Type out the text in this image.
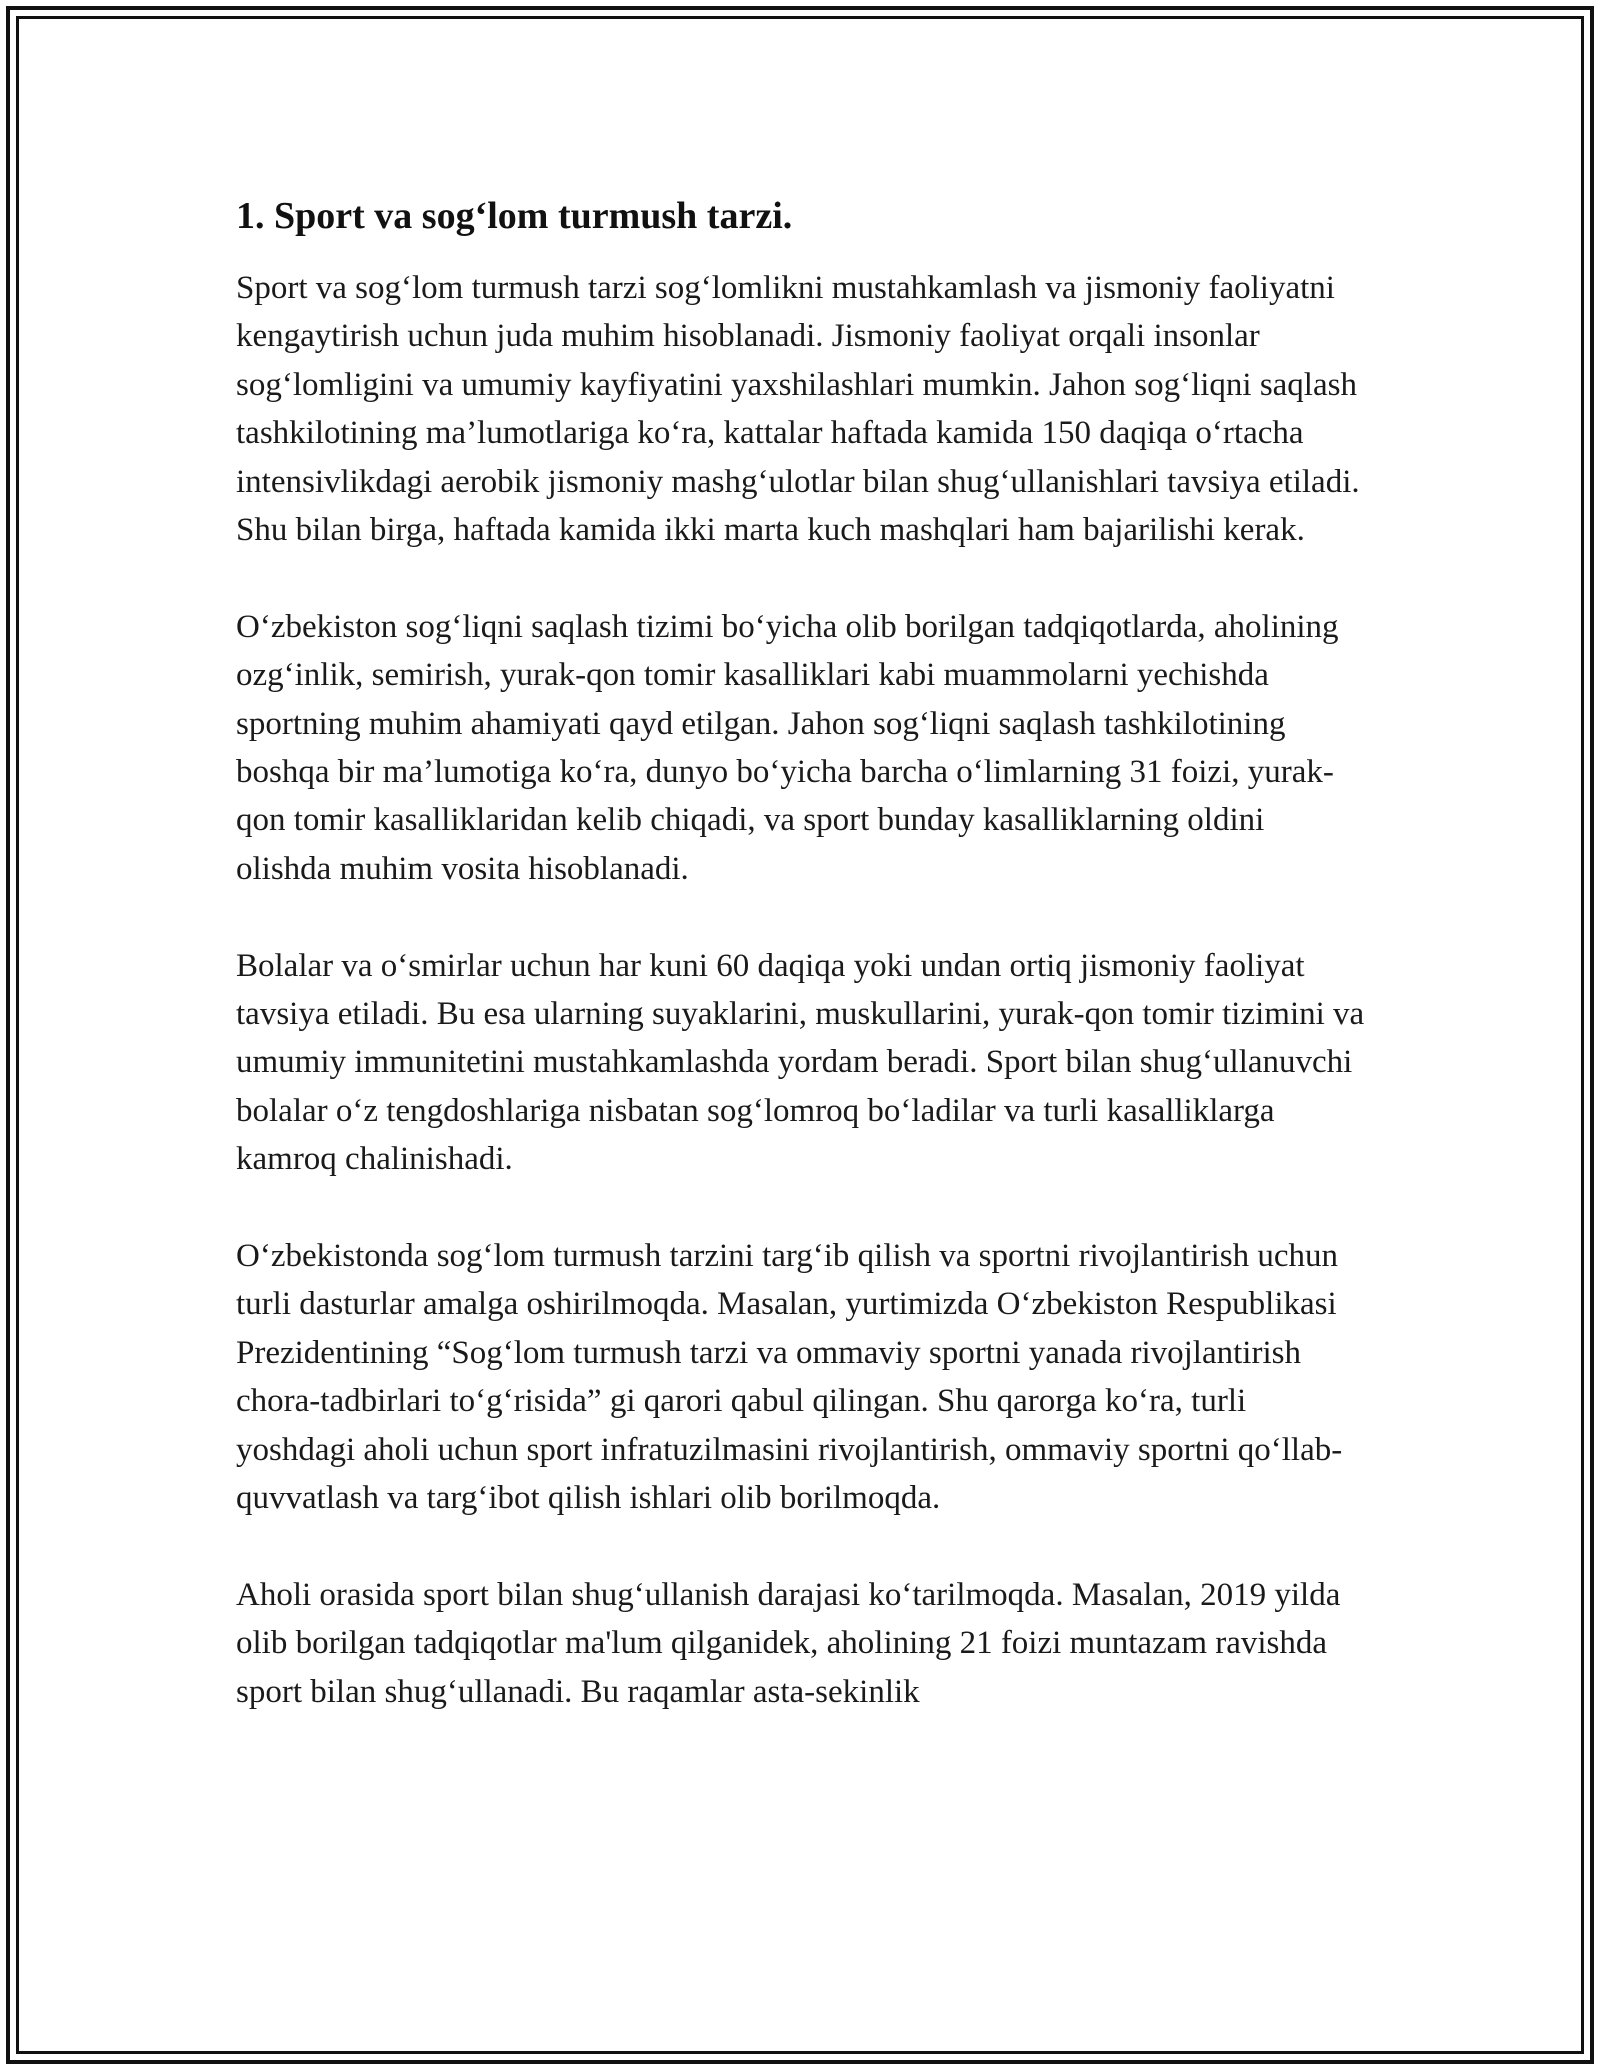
1. Sport va sog‘lom turmush tarzi.

Sport va sog‘lom turmush tarzi sog‘lomlikni mustahkamlash va jismoniy faoliyatni kengaytirish uchun juda muhim hisoblanadi. Jismoniy faoliyat orqali insonlar sog‘lomligini va umumiy kayfiyatini yaxshilashlari mumkin. Jahon sog‘liqni saqlash tashkilotining ma’lumotlariga ko‘ra, kattalar haftada kamida 150 daqiqa o‘rtacha intensivlikdagi aerobik jismoniy mashg‘ulotlar bilan shug‘ullanishlari tavsiya etiladi. Shu bilan birga, haftada kamida ikki marta kuch mashqlari ham bajarilishi kerak.

O‘zbekiston sog‘liqni saqlash tizimi bo‘yicha olib borilgan tadqiqotlarda, aholining ozg‘inlik, semirish, yurak-qon tomir kasalliklari kabi muammolarni yechishda sportning muhim ahamiyati qayd etilgan. Jahon sog‘liqni saqlash tashkilotining boshqa bir ma’lumotiga ko‘ra, dunyo bo‘yicha barcha o‘limlarning 31 foizi, yurak-qon tomir kasalliklaridan kelib chiqadi, va sport bunday kasalliklarning oldini olishda muhim vosita hisoblanadi.

Bolalar va o‘smirlar uchun har kuni 60 daqiqa yoki undan ortiq jismoniy faoliyat tavsiya etiladi. Bu esa ularning suyaklarini, muskullarini, yurak-qon tomir tizimini va umumiy immunitetini mustahkamlashda yordam beradi. Sport bilan shug‘ullanuvchi bolalar o‘z tengdoshlariga nisbatan sog‘lomroq bo‘ladilar va turli kasalliklarga kamroq chalinishadi.

O‘zbekistonda sog‘lom turmush tarzini targ‘ib qilish va sportni rivojlantirish uchun turli dasturlar amalga oshirilmoqda. Masalan, yurtimizda O‘zbekiston Respublikasi Prezidentining “Sog‘lom turmush tarzi va ommaviy sportni yanada rivojlantirish chora-tadbirlari to‘g‘risida” gi qarori qabul qilingan. Shu qarorga ko‘ra, turli yoshdagi aholi uchun sport infratuzilmasini rivojlantirish, ommaviy sportni qo‘llab-quvvatlash va targ‘ibot qilish ishlari olib borilmoqda.

Aholi orasida sport bilan shug‘ullanish darajasi ko‘tarilmoqda. Masalan, 2019 yilda olib borilgan tadqiqotlar ma'lum qilganidek, aholining 21 foizi muntazam ravishda sport bilan shug‘ullanadi. Bu raqamlar asta-sekinlik
